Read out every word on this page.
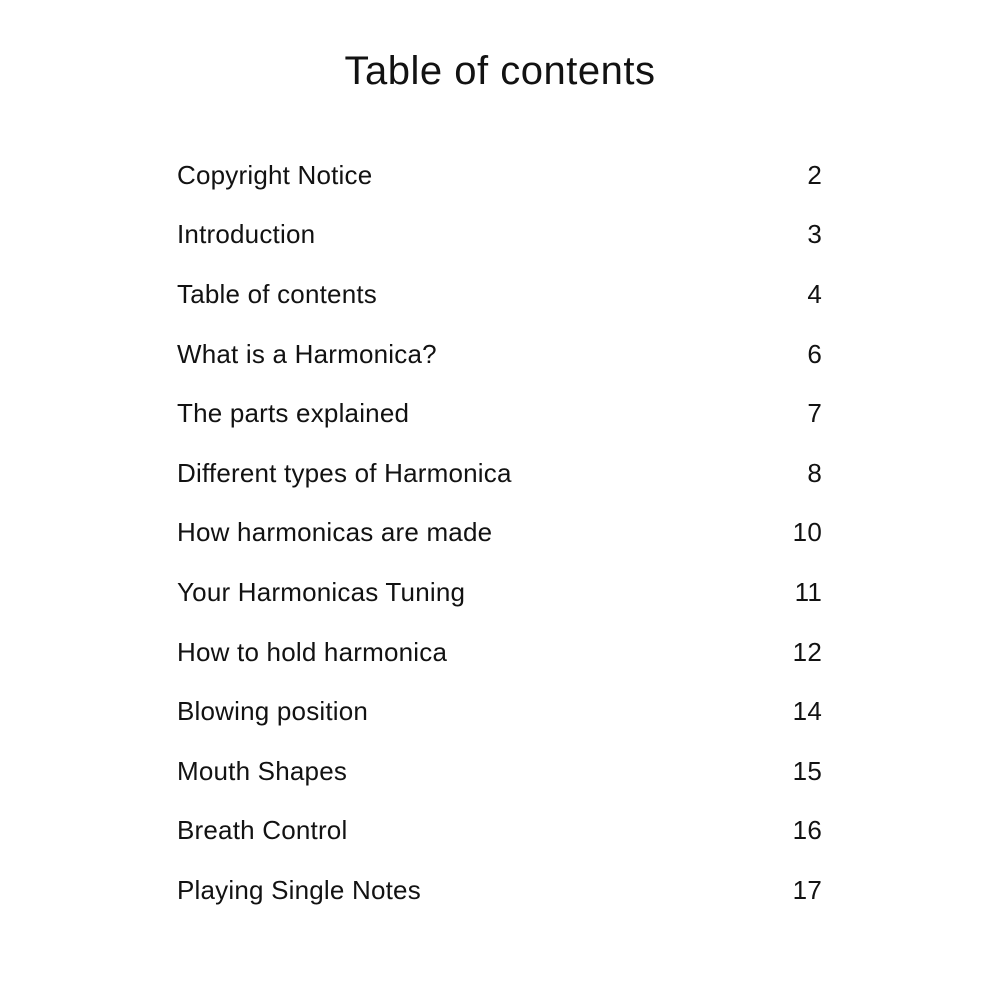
Table of contents
Copyright Notice	2
Introduction	3
Table of contents	4
What is a Harmonica?	6
The parts explained	7
Different types of Harmonica	8
How harmonicas are made	10
Your Harmonicas Tuning	11
How to hold harmonica	12
Blowing position	14
Mouth Shapes	15
Breath Control	16
Playing Single Notes	17
